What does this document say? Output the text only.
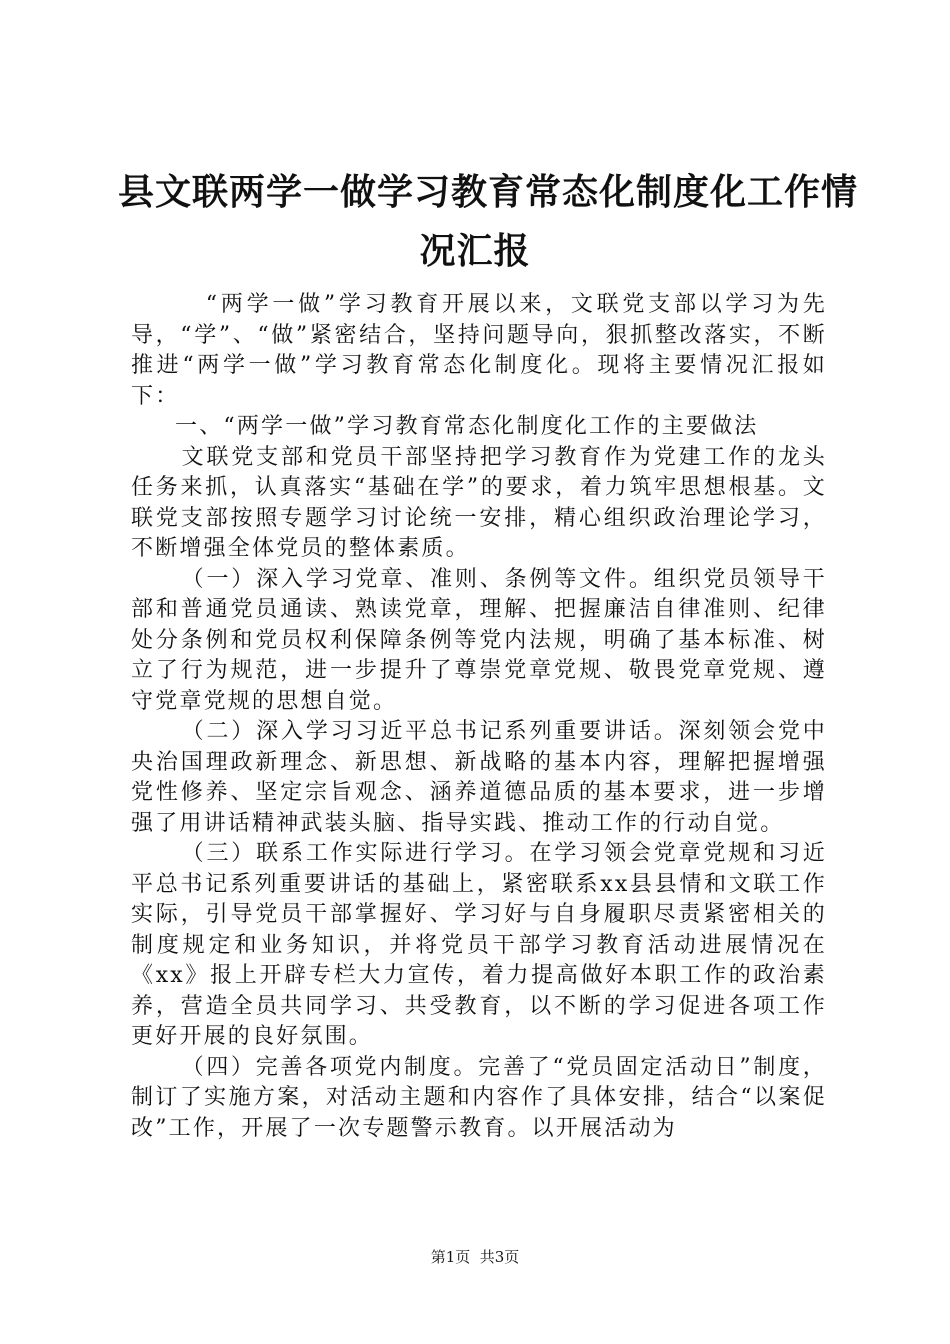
县文联两学一做学习教育常态化制度化工作情
况汇报

“两学一做”学习教育开展以来，文联党支部以学习为先导，“学”、“做”紧密结合，坚持问题导向，狠抓整改落实，不断推进“两学一做”学习教育常态化制度化。现将主要情况汇报如下：

一、“两学一做”学习教育常态化制度化工作的主要做法

文联党支部和党员干部坚持把学习教育作为党建工作的龙头任务来抓，认真落实“基础在学”的要求，着力筑牢思想根基。文联党支部按照专题学习讨论统一安排，精心组织政治理论学习，不断增强全体党员的整体素质。

（一）深入学习党章、准则、条例等文件。组织党员领导干部和普通党员通读、熟读党章，理解、把握廉洁自律准则、纪律处分条例和党员权利保障条例等党内法规，明确了基本标准、树立了行为规范，进一步提升了尊崇党章党规、敬畏党章党规、遵守党章党规的思想自觉。

（二）深入学习习近平总书记系列重要讲话。深刻领会党中央治国理政新理念、新思想、新战略的基本内容，理解把握增强党性修养、坚定宗旨观念、涵养道德品质的基本要求，进一步增强了用讲话精神武装头脑、指导实践、推动工作的行动自觉。

（三）联系工作实际进行学习。在学习领会党章党规和习近平总书记系列重要讲话的基础上，紧密联系xx县县情和文联工作实际，引导党员干部掌握好、学习好与自身履职尽责紧密相关的制度规定和业务知识，并将党员干部学习教育活动进展情况在《xx》报上开辟专栏大力宣传，着力提高做好本职工作的政治素养，营造全员共同学习、共受教育，以不断的学习促进各项工作更好开展的良好氛围。

（四）完善各项党内制度。完善了“党员固定活动日”制度，制订了实施方案，对活动主题和内容作了具体安排，结合“以案促改”工作，开展了一次专题警示教育。以开展活动为

第1页  共3页
